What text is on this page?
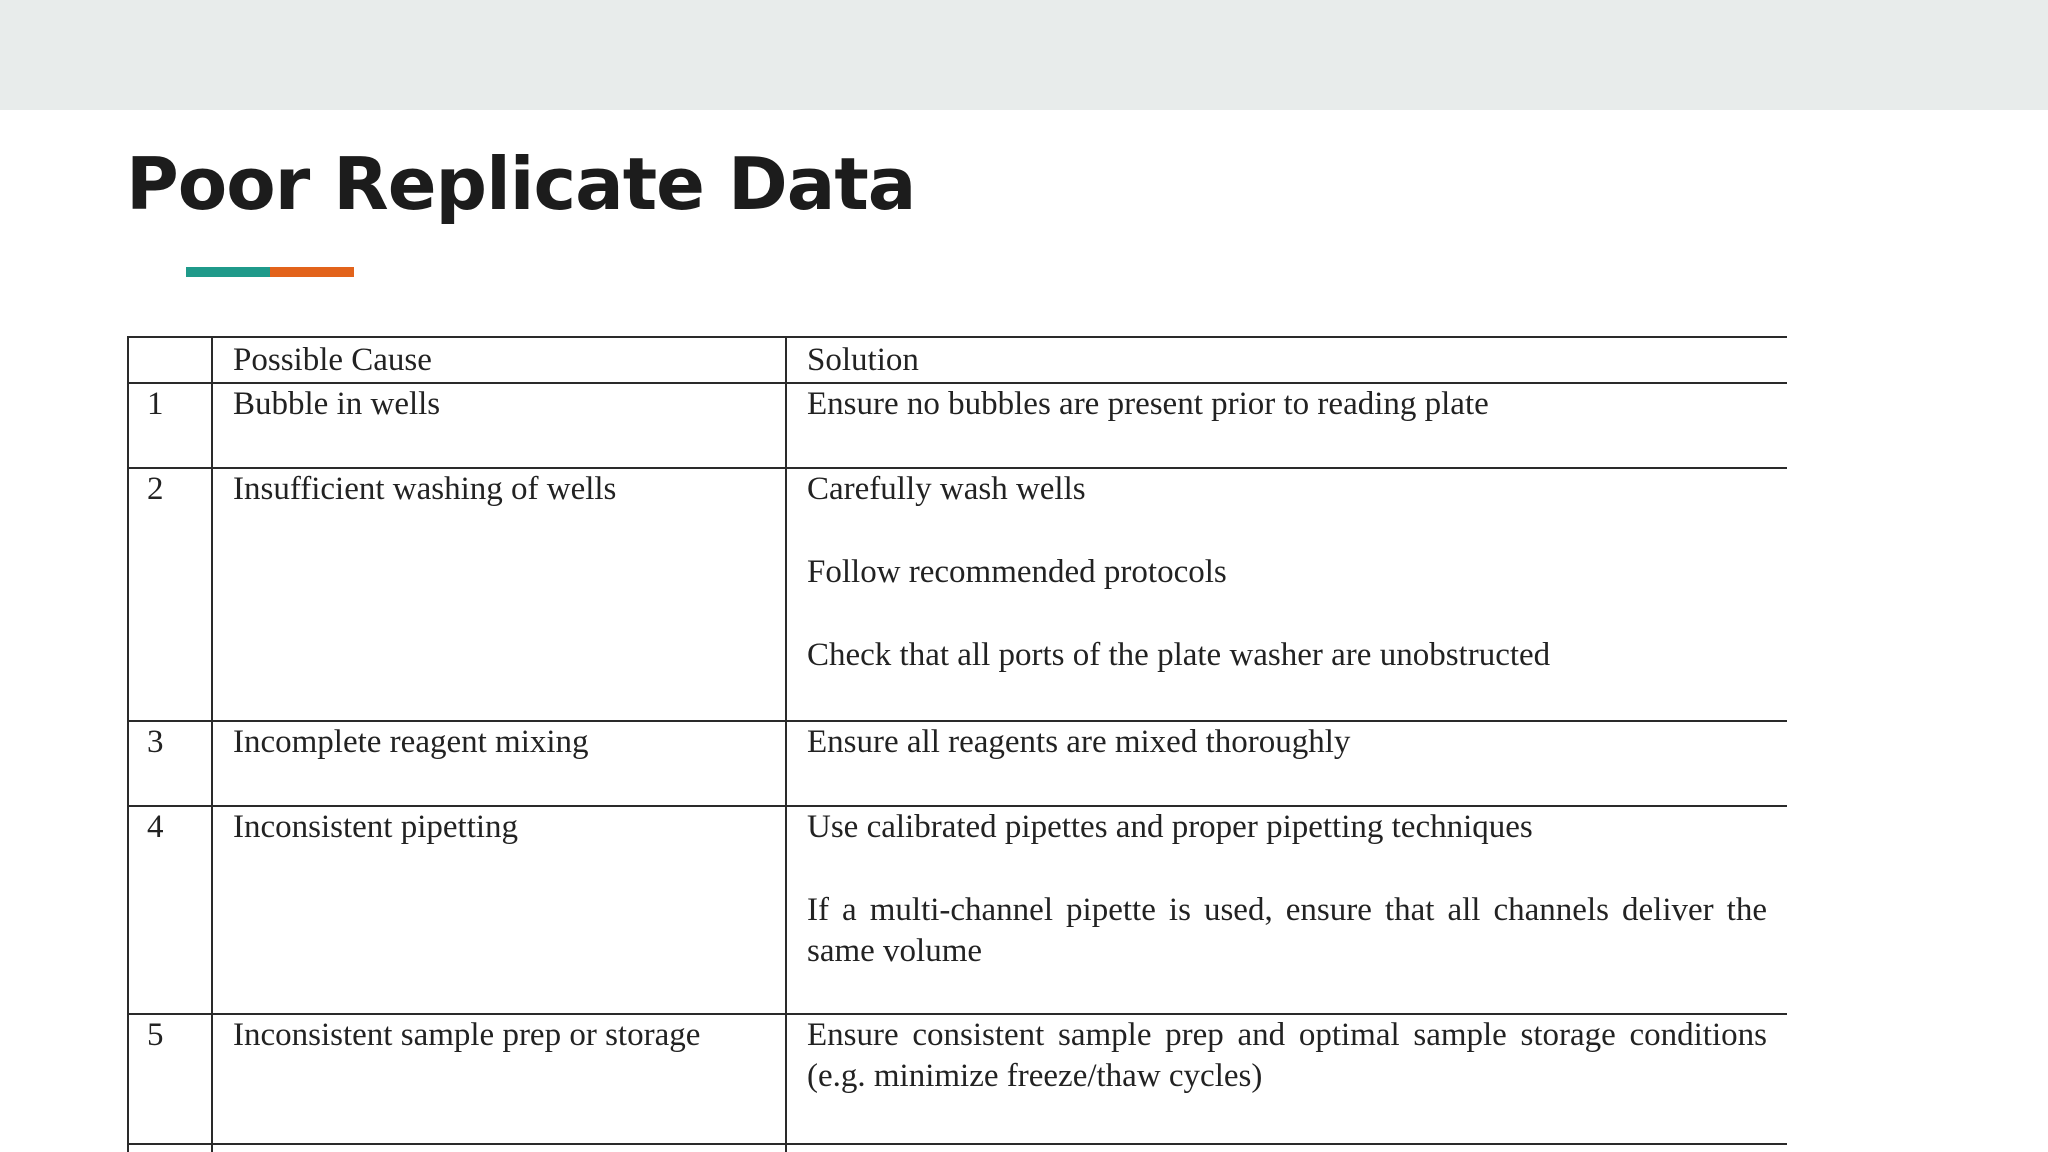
Poor Replicate Data
	Possible Cause	Solution
1	Bubble in wells	Ensure no bubbles are present prior to reading plate

2	Insufficient washing of wells	Carefully wash wells
Follow recommended protocols
Check that all ports of the plate washer are unobstructed

3	Incomplete reagent mixing	Ensure all reagents are mixed thoroughly

4	Inconsistent pipetting	Use calibrated pipettes and proper pipetting techniques
If a multi-channel pipette is used, ensure that all channels deliver the same volume

5	Inconsistent sample prep or storage	Ensure consistent sample prep and optimal sample storage conditions (e.g. minimize freeze/thaw cycles)
